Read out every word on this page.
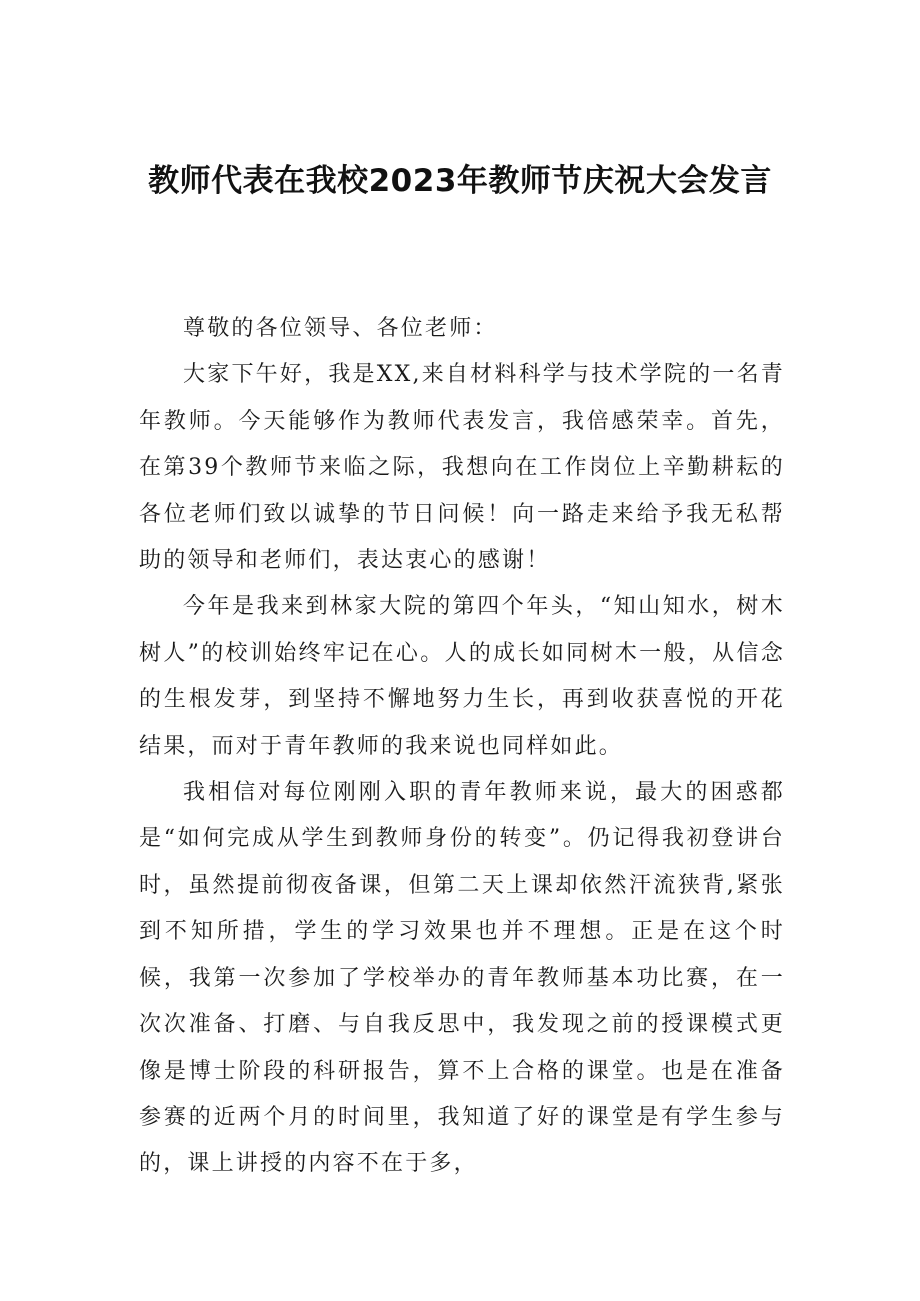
教师代表在我校2023年教师节庆祝大会发言

尊敬的各位领导、各位老师：

大家下午好，我是XX,来自材料科学与技术学院的一名青年教师。今天能够作为教师代表发言，我倍感荣幸。首先，在第39个教师节来临之际，我想向在工作岗位上辛勤耕耘的各位老师们致以诚挚的节日问候！向一路走来给予我无私帮助的领导和老师们，表达衷心的感谢！

今年是我来到林家大院的第四个年头，“知山知水，树木树人”的校训始终牢记在心。人的成长如同树木一般，从信念的生根发芽，到坚持不懈地努力生长，再到收获喜悦的开花结果，而对于青年教师的我来说也同样如此。

我相信对每位刚刚入职的青年教师来说，最大的困惑都是“如何完成从学生到教师身份的转变”。仍记得我初登讲台时，虽然提前彻夜备课，但第二天上课却依然汗流狭背,紧张到不知所措，学生的学习效果也并不理想。正是在这个时候，我第一次参加了学校举办的青年教师基本功比赛，在一次次准备、打磨、与自我反思中，我发现之前的授课模式更像是博士阶段的科研报告，算不上合格的课堂。也是在准备参赛的近两个月的时间里，我知道了好的课堂是有学生参与的，课上讲授的内容不在于多，
